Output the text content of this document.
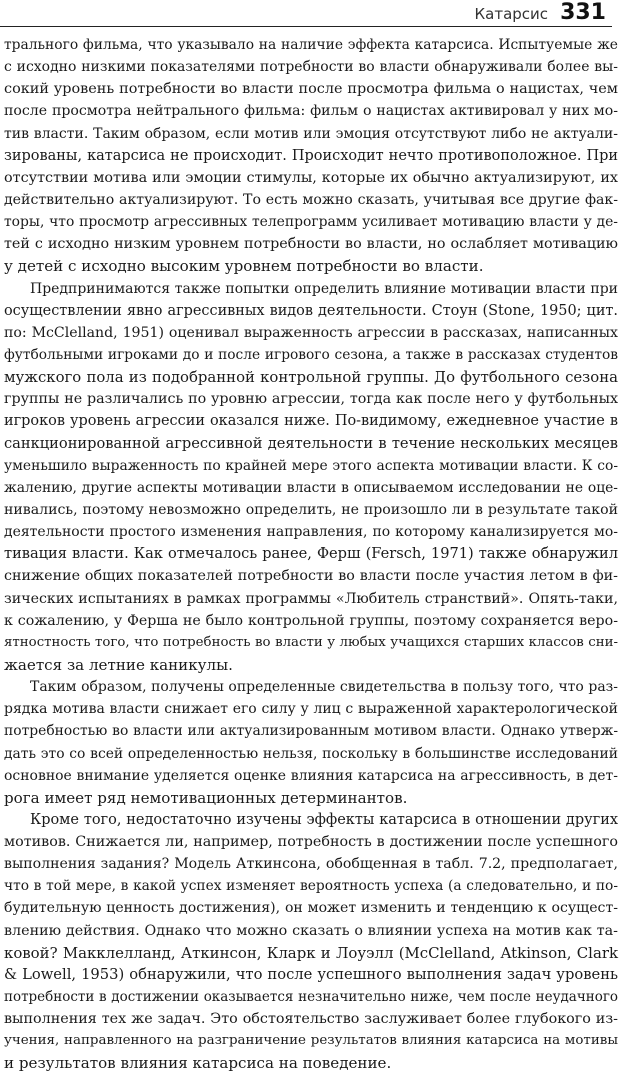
Катарсис 331
трального фильма, что указывало на наличие эффекта катарсиса. Испытуемые же
с исходно низкими показателями потребности во власти обнаруживали более вы-
сокий уровень потребности во власти после просмотра фильма о нацистах, чем
после просмотра нейтрального фильма: фильм о нацистах активировал у них мо-
тив власти. Таким образом, если мотив или эмоция отсутствуют либо не актуали-
зированы, катарсиса не происходит. Происходит нечто противоположное. При
отсутствии мотива или эмоции стимулы, которые их обычно актуализируют, их
действительно актуализируют. То есть можно сказать, учитывая все другие фак-
торы, что просмотр агрессивных телепрограмм усиливает мотивацию власти у де-
тей с исходно низким уровнем потребности во власти, но ослабляет мотивацию
у детей с исходно высоким уровнем потребности во власти.
Предпринимаются также попытки определить влияние мотивации власти при
осуществлении явно агрессивных видов деятельности. Стоун (Stone, 1950; цит.
по: McClelland, 1951) оценивал выраженность агрессии в рассказах, написанных
футбольными игроками до и после игрового сезона, а также в рассказах студентов
мужского пола из подобранной контрольной группы. До футбольного сезона
группы не различались по уровню агрессии, тогда как после него у футбольных
игроков уровень агрессии оказался ниже. По-видимому, ежедневное участие в
санкционированной агрессивной деятельности в течение нескольких месяцев
уменьшило выраженность по крайней мере этого аспекта мотивации власти. К со-
жалению, другие аспекты мотивации власти в описываемом исследовании не оце-
нивались, поэтому невозможно определить, не произошло ли в результате такой
деятельности простого изменения направления, по которому канализируется мо-
тивация власти. Как отмечалось ранее, Ферш (Fersch, 1971) также обнаружил
снижение общих показателей потребности во власти после участия летом в фи-
зических испытаниях в рамках программы «Любитель странствий». Опять-таки,
к сожалению, у Ферша не было контрольной группы, поэтому сохраняется веро-
ятностность того, что потребность во власти у любых учащихся старших классов сни-
жается за летние каникулы.
Таким образом, получены определенные свидетельства в пользу того, что раз-
рядка мотива власти снижает его силу у лиц с выраженной характерологической
потребностью во власти или актуализированным мотивом власти. Однако утверж-
дать это со всей определенностью нельзя, поскольку в большинстве исследований
основное внимание уделяется оценке влияния катарсиса на агрессивность, в дет-
рога имеет ряд немотивационных детерминантов.
Кроме того, недостаточно изучены эффекты катарсиса в отношении других
мотивов. Снижается ли, например, потребность в достижении после успешного
выполнения задания? Модель Аткинсона, обобщенная в табл. 7.2, предполагает,
что в той мере, в какой успех изменяет вероятность успеха (а следовательно, и по-
будительную ценность достижения), он может изменить и тенденцию к осущест-
влению действия. Однако что можно сказать о влиянии успеха на мотив как та-
ковой? Макклелланд, Аткинсон, Кларк и Лоуэлл (McClelland, Atkinson, Clark
& Lowell, 1953) обнаружили, что после успешного выполнения задач уровень
потребности в достижении оказывается незначительно ниже, чем после неудачного
выполнения тех же задач. Это обстоятельство заслуживает более глубокого из-
учения, направленного на разграничение результатов влияния катарсиса на мотивы
и результатов влияния катарсиса на поведение.
